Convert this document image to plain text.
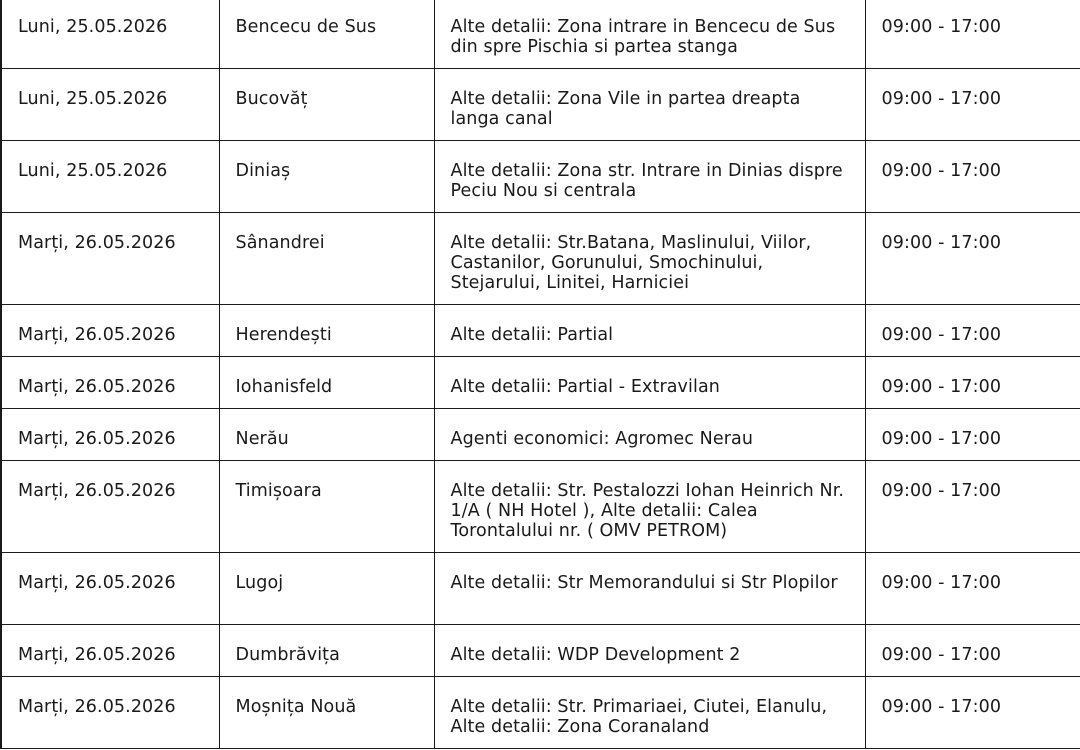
Luni, 25.05.2026	Bencecu de Sus	Alte detalii: Zona intrare in Bencecu de Sus din spre Pischia si partea stanga	09:00 - 17:00
Luni, 25.05.2026	Bucovăț	Alte detalii: Zona Vile in partea dreapta langa canal	09:00 - 17:00
Luni, 25.05.2026	Diniaș	Alte detalii: Zona str. Intrare in Dinias dispre Peciu Nou si centrala	09:00 - 17:00
Marți, 26.05.2026	Sânandrei	Alte detalii: Str.Batana, Maslinului, Viilor, Castanilor, Gorunului, Smochinului, Stejarului, Linitei, Harniciei	09:00 - 17:00
Marți, 26.05.2026	Herendești	Alte detalii: Partial	09:00 - 17:00
Marți, 26.05.2026	Iohanisfeld	Alte detalii: Partial - Extravilan	09:00 - 17:00
Marți, 26.05.2026	Nerău	Agenti economici: Agromec Nerau	09:00 - 17:00
Marți, 26.05.2026	Timișoara	Alte detalii: Str. Pestalozzi Iohan Heinrich Nr. 1/A ( NH Hotel ), Alte detalii: Calea Torontalului nr. ( OMV PETROM)	09:00 - 17:00
Marți, 26.05.2026	Lugoj	Alte detalii: Str Memorandului si Str Plopilor	09:00 - 17:00
Marți, 26.05.2026	Dumbrăvița	Alte detalii: WDP Development 2	09:00 - 17:00
Marți, 26.05.2026	Moșnița Nouă	Alte detalii: Str. Primariaei, Ciutei, Elanulu, Alte detalii: Zona Coranaland	09:00 - 17:00
